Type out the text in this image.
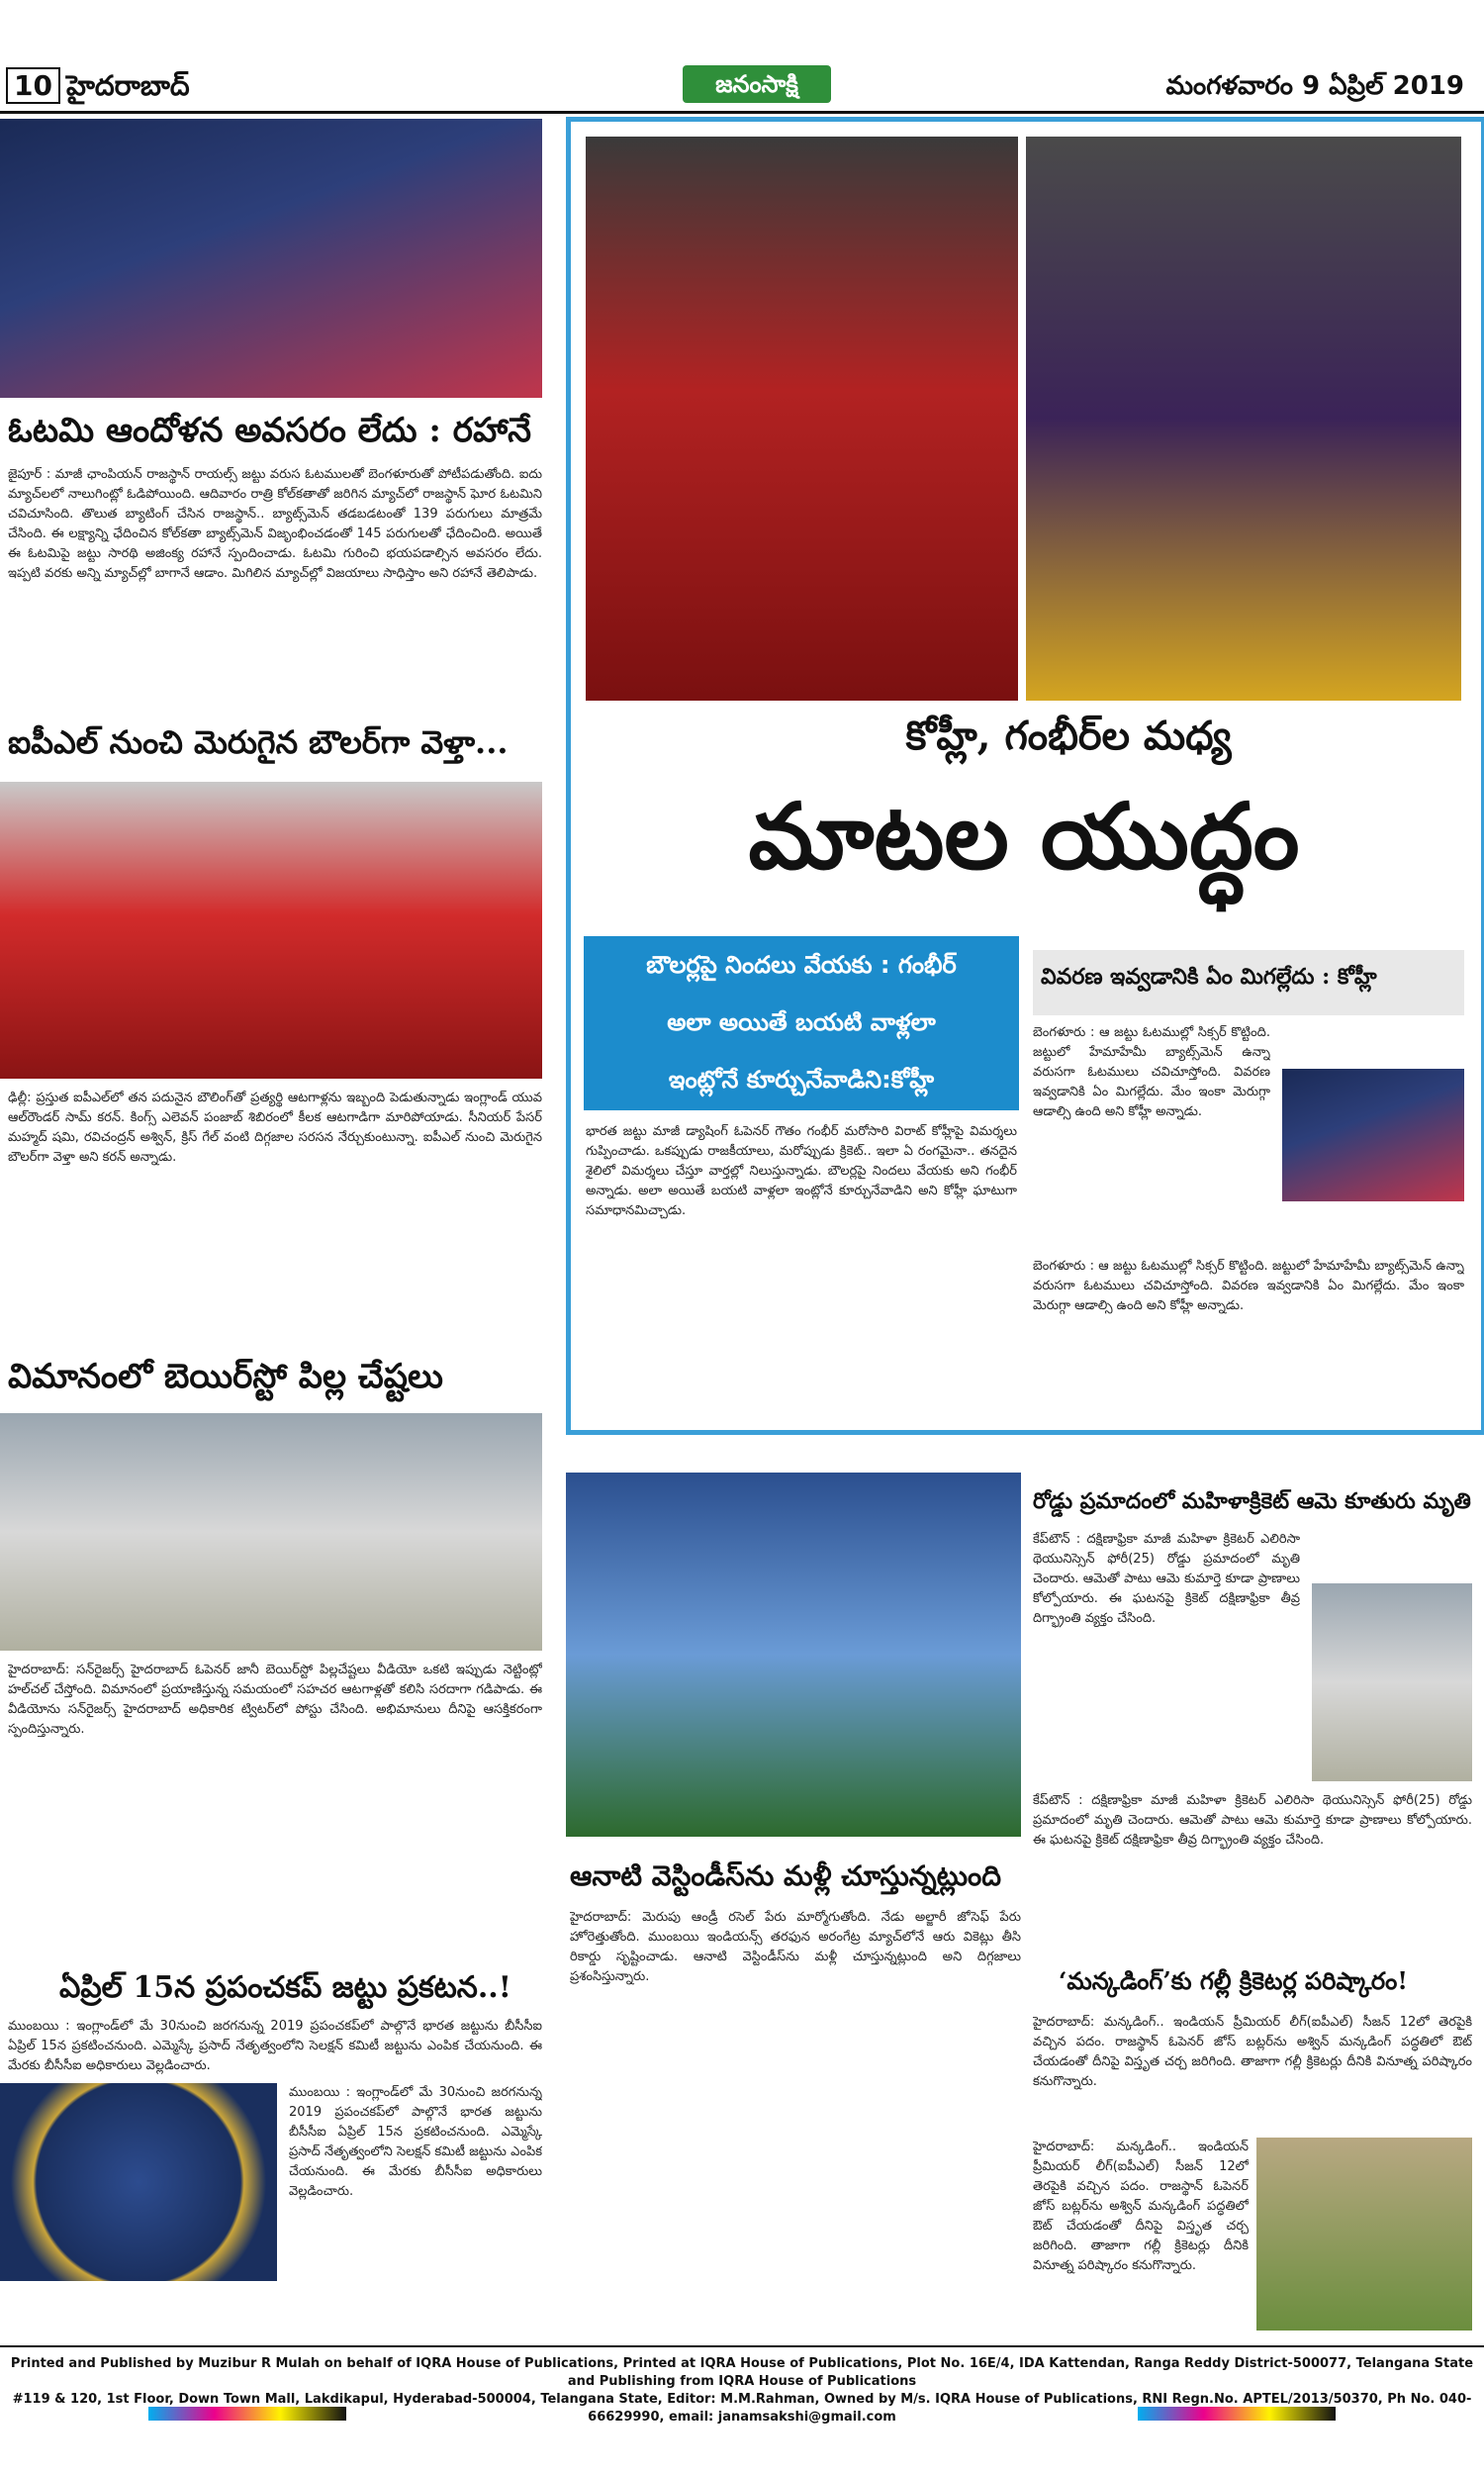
10 హైదరాబాద్	జనంసాక్షి	మంగళవారం 9 ఏప్రిల్ 2019
ఓటమి ఆందోళన అవసరం లేదు : రహానే
జైపూర్‌ : మాజీ ఛాంపియన్‌ రాజస్థాన్‌ రాయల్స్‌ జట్టు వరుస ఓటములతో బెంగళూరుతో పోటీపడుతోంది. ఐదు మ్యాచ్‌లలో నాలుగింట్లో ఓడిపోయింది. ఆదివారం రాత్రి కోల్‌కతాతో జరిగిన మ్యాచ్‌లో రాజస్థాన్‌ ఘోర ఓటమిని చవిచూసింది. తొలుత బ్యాటింగ్‌ చేసిన రాజస్థాన్‌.. బ్యాట్స్‌మెన్‌ తడబడటంతో 139 పరుగులు మాత్రమే చేసింది. ఈ లక్ష్యాన్ని ఛేదించిన కోల్‌కతా బ్యాట్స్‌మెన్‌ విజృంభించడంతో 145 పరుగులతో ఛేదించింది. అయితే ఈ ఓటమిపై జట్టు సారథి అజింక్య రహానే స్పందించాడు. ఓటమి గురించి భయపడాల్సిన అవసరం లేదు. ఇప్పటి వరకు అన్ని మ్యాచ్‌ల్లో బాగానే ఆడాం. మిగిలిన మ్యాచ్‌ల్లో విజయాలు సాధిస్తాం అని రహానే తెలిపాడు.
ఐపీఎల్‌ నుంచి మెరుగైన బౌలర్‌గా వెళ్తా...
ఢిల్లీ: ప్రస్తుత ఐపీఎల్‌లో తన పదునైన బౌలింగ్‌తో ప్రత్యర్థి ఆటగాళ్లను ఇబ్బంది పెడుతున్నాడు ఇంగ్లాండ్‌ యువ ఆల్‌రౌండర్‌ సామ్‌ కరన్‌. కింగ్స్‌ ఎలెవన్‌ పంజాబ్‌ శిబిరంలో కీలక ఆటగాడిగా మారిపోయాడు. సీనియర్‌ పేసర్‌ మహ్మద్‌ షమి, రవిచంద్రన్‌ అశ్విన్‌, క్రిస్‌ గేల్‌ వంటి దిగ్గజాల సరసన నేర్చుకుంటున్నా. ఐపీఎల్‌ నుంచి మెరుగైన బౌలర్‌గా వెళ్తా అని కరన్‌ అన్నాడు.
విమానంలో బెయిర్‌స్టో పిల్ల చేష్టలు
హైదరాబాద్‌: సన్‌రైజర్స్‌ హైదరాబాద్‌ ఓపెనర్‌ జానీ బెయిర్‌స్టో పిల్లచేష్టలు వీడియో ఒకటి ఇప్పుడు నెట్టింట్లో హల్‌చల్‌ చేస్తోంది. విమానంలో ప్రయాణిస్తున్న సమయంలో సహచర ఆటగాళ్లతో కలిసి సరదాగా గడిపాడు. ఈ వీడియోను సన్‌రైజర్స్‌ హైదరాబాద్‌ అధికారిక ట్విటర్‌లో పోస్టు చేసింది. అభిమానులు దీనిపై ఆసక్తికరంగా స్పందిస్తున్నారు.
ఏప్రిల్‌ 15న ప్రపంచకప్‌ జట్టు ప్రకటన..!
ముంబయి : ఇంగ్లాండ్‌లో మే 30నుంచి జరగనున్న 2019 ప్రపంచకప్‌లో పాల్గొనే భారత జట్టును బీసీసీఐ ఏప్రిల్‌ 15న ప్రకటించనుంది. ఎమ్మెస్కే ప్రసాద్‌ నేతృత్వంలోని సెలక్షన్‌ కమిటీ జట్టును ఎంపిక చేయనుంది. ఈ మేరకు బీసీసీఐ అధికారులు వెల్లడించారు.
ముంబయి : ఇంగ్లాండ్‌లో మే 30నుంచి జరగనున్న 2019 ప్రపంచకప్‌లో పాల్గొనే భారత జట్టును బీసీసీఐ ఏప్రిల్‌ 15న ప్రకటించనుంది. ఎమ్మెస్కే ప్రసాద్‌ నేతృత్వంలోని సెలక్షన్‌ కమిటీ జట్టును ఎంపిక చేయనుంది. ఈ మేరకు బీసీసీఐ అధికారులు వెల్లడించారు.
కోహ్లీ, గంభీర్‌ల మధ్య
మాటల యుద్ధం
బౌలర్లపై నిందలు వేయకు : గంభీర్‌
అలా అయితే బయటి వాళ్లలా
ఇంట్లోనే కూర్చునేవాడిని:కోహ్లీ
భారత జట్టు మాజీ డ్యాషింగ్‌ ఓపెనర్‌ గౌతం గంభీర్‌ మరోసారి విరాట్‌ కోహ్లీపై విమర్శలు గుప్పించాడు. ఒకప్పుడు రాజకీయాలు, మరోప్పుడు క్రికెట్‌.. ఇలా ఏ రంగమైనా.. తనదైన శైలిలో విమర్శలు చేస్తూ వార్తల్లో నిలుస్తున్నాడు. బౌలర్లపై నిందలు వేయకు అని గంభీర్‌ అన్నాడు. అలా అయితే బయటి వాళ్లలా ఇంట్లోనే కూర్చునేవాడిని అని కోహ్లీ ఘాటుగా సమాధానమిచ్చాడు.
వివరణ ఇవ్వడానికి ఏం మిగల్లేదు : కోహ్లీ
బెంగళూరు : ఆ జట్టు ఓటముల్లో సిక్సర్‌ కొట్టింది. జట్టులో హేమాహేమీ బ్యాట్స్‌మెన్‌ ఉన్నా వరుసగా ఓటములు చవిచూస్తోంది. వివరణ ఇవ్వడానికి ఏం మిగల్లేదు. మేం ఇంకా మెరుగ్గా ఆడాల్సి ఉంది అని కోహ్లీ అన్నాడు.
బెంగళూరు : ఆ జట్టు ఓటముల్లో సిక్సర్‌ కొట్టింది. జట్టులో హేమాహేమీ బ్యాట్స్‌మెన్‌ ఉన్నా వరుసగా ఓటములు చవిచూస్తోంది. వివరణ ఇవ్వడానికి ఏం మిగల్లేదు. మేం ఇంకా మెరుగ్గా ఆడాల్సి ఉంది అని కోహ్లీ అన్నాడు.
ఆనాటి వెస్టిండీస్‌ను మళ్లీ చూస్తున్నట్లుంది
హైదరాబాద్‌: మెరుపు ఆండ్రీ రసెల్‌ పేరు మార్మోగుతోంది. నేడు అల్జారీ జోసెఫ్‌ పేరు హోరెత్తుతోంది. ముంబయి ఇండియన్స్‌ తరఫున అరంగేట్ర మ్యాచ్‌లోనే ఆరు వికెట్లు తీసి రికార్డు సృష్టించాడు. ఆనాటి వెస్టిండీస్‌ను మళ్లీ చూస్తున్నట్లుంది అని దిగ్గజాలు ప్రశంసిస్తున్నారు.
రోడ్డు ప్రమాదంలో మహిళాక్రికెట్‌ ఆమె కూతురు మృతి
కేప్‌టౌన్‌ : దక్షిణాఫ్రికా మాజీ మహిళా క్రికెటర్‌ ఎలిరిసా థెయునిస్సెన్‌ ఫోరీ(25) రోడ్డు ప్రమాదంలో మృతి చెందారు. ఆమెతో పాటు ఆమె కుమార్తె కూడా ప్రాణాలు కోల్పోయారు. ఈ ఘటనపై క్రికెట్‌ దక్షిణాఫ్రికా తీవ్ర దిగ్భ్రాంతి వ్యక్తం చేసింది.
కేప్‌టౌన్‌ : దక్షిణాఫ్రికా మాజీ మహిళా క్రికెటర్‌ ఎలిరిసా థెయునిస్సెన్‌ ఫోరీ(25) రోడ్డు ప్రమాదంలో మృతి చెందారు. ఆమెతో పాటు ఆమె కుమార్తె కూడా ప్రాణాలు కోల్పోయారు. ఈ ఘటనపై క్రికెట్‌ దక్షిణాఫ్రికా తీవ్ర దిగ్భ్రాంతి వ్యక్తం చేసింది.
‘మన్కడింగ్‌’కు గల్లీ క్రికెటర్ల పరిష్కారం!
హైదరాబాద్‌: మన్కడింగ్‌.. ఇండియన్‌ ప్రీమియర్‌ లీగ్‌(ఐపీఎల్‌) సీజన్‌ 12లో తెరపైకి వచ్చిన పదం. రాజస్థాన్‌ ఓపెనర్‌ జోస్‌ బట్లర్‌ను అశ్విన్‌ మన్కడింగ్‌ పద్ధతిలో ఔట్‌ చేయడంతో దీనిపై విస్తృత చర్చ జరిగింది. తాజాగా గల్లీ క్రికెటర్లు దీనికి వినూత్న పరిష్కారం కనుగొన్నారు.
హైదరాబాద్‌: మన్కడింగ్‌.. ఇండియన్‌ ప్రీమియర్‌ లీగ్‌(ఐపీఎల్‌) సీజన్‌ 12లో తెరపైకి వచ్చిన పదం. రాజస్థాన్‌ ఓపెనర్‌ జోస్‌ బట్లర్‌ను అశ్విన్‌ మన్కడింగ్‌ పద్ధతిలో ఔట్‌ చేయడంతో దీనిపై విస్తృత చర్చ జరిగింది. తాజాగా గల్లీ క్రికెటర్లు దీనికి వినూత్న పరిష్కారం కనుగొన్నారు.
Printed and Published by Muzibur R Mulah on behalf of IQRA House of Publications, Printed at IQRA House of Publications, Plot No. 16E/4, IDA Kattendan, Ranga Reddy District-500077, Telangana State and Publishing from IQRA House of Publications
#119 & 120, 1st Floor, Down Town Mall, Lakdikapul, Hyderabad-500004, Telangana State, Editor: M.M.Rahman, Owned by M/s. IQRA House of Publications, RNI Regn.No. APTEL/2013/50370, Ph No. 040-66629990, email: janamsakshi@gmail.com
